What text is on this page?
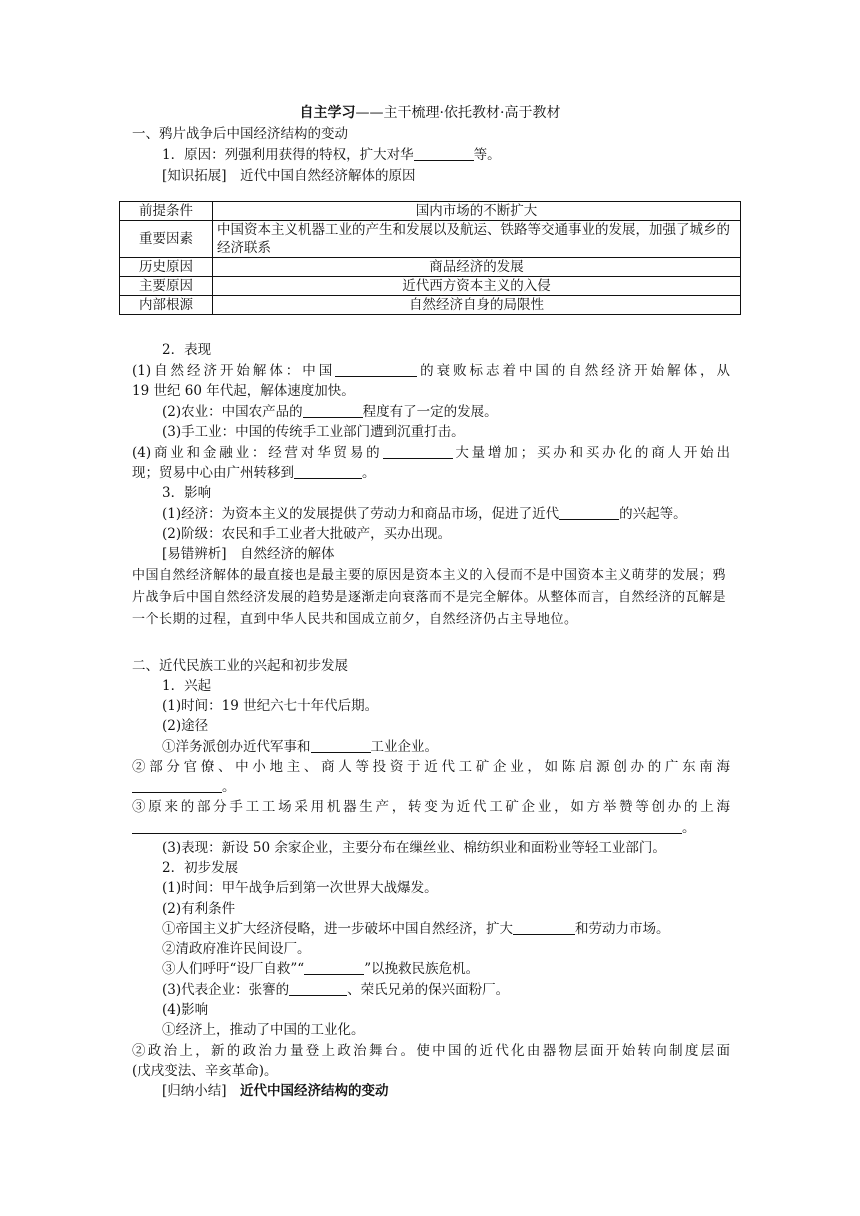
自主学习——主干梳理·依托教材·高于教材
一、鸦片战争后中国经济结构的变动
1．原因：列强利用获得的特权，扩大对华	等。
[知识拓展]　近代中国自然经济解体的原因
前提条件	国内市场的不断扩大
重要因素	中国资本主义机器工业的产生和发展以及航运、铁路等交通事业的发展，加强了城乡的经济联系
历史原因	商品经济的发展
主要原因	近代西方资本主义的入侵
内部根源	自然经济自身的局限性
2．表现
(1)自然经济开始解体：中国	的衰败标志着中国的自然经济开始解体，从
19 世纪 60 年代起，解体速度加快。
(2)农业：中国农产品的	程度有了一定的发展。
(3)手工业：中国的传统手工业部门遭到沉重打击。
(4)商业和金融业：经营对华贸易的	大量增加；买办和买办化的商人开始出
现；贸易中心由广州转移到	。
3．影响
(1)经济：为资本主义的发展提供了劳动力和商品市场，促进了近代	的兴起等。
(2)阶级：农民和手工业者大批破产，买办出现。
[易错辨析]　自然经济的解体
中国自然经济解体的最直接也是最主要的原因是资本主义的入侵而不是中国资本主义萌芽的发展；鸦片战争后中国自然经济发展的趋势是逐渐走向衰落而不是完全解体。从整体而言，自然经济的瓦解是一个长期的过程，直到中华人民共和国成立前夕，自然经济仍占主导地位。
二、近代民族工业的兴起和初步发展
1．兴起
(1)时间：19 世纪六七十年代后期。
(2)途径
①洋务派创办近代军事和	工业企业。
②部分官僚、中小地主、商人等投资于近代工矿企业，如陈启源创办的广东南海
。
③原来的部分手工工场采用机器生产，转变为近代工矿企业，如方举赞等创办的上海
。
(3)表现：新设 50 余家企业，主要分布在缫丝业、棉纺织业和面粉业等轻工业部门。
2．初步发展
(1)时间：甲午战争后到第一次世界大战爆发。
(2)有利条件
①帝国主义扩大经济侵略，进一步破坏中国自然经济，扩大	和劳动力市场。
②清政府准许民间设厂。
③人们呼吁“设厂自救”“	”以挽救民族危机。
(3)代表企业：张謇的	、荣氏兄弟的保兴面粉厂。
(4)影响
①经济上，推动了中国的工业化。
②政治上，新的政治力量登上政治舞台。使中国的近代化由器物层面开始转向制度层面
(戊戌变法、辛亥革命)。
[归纳小结]　 近代中国经济结构的变动
